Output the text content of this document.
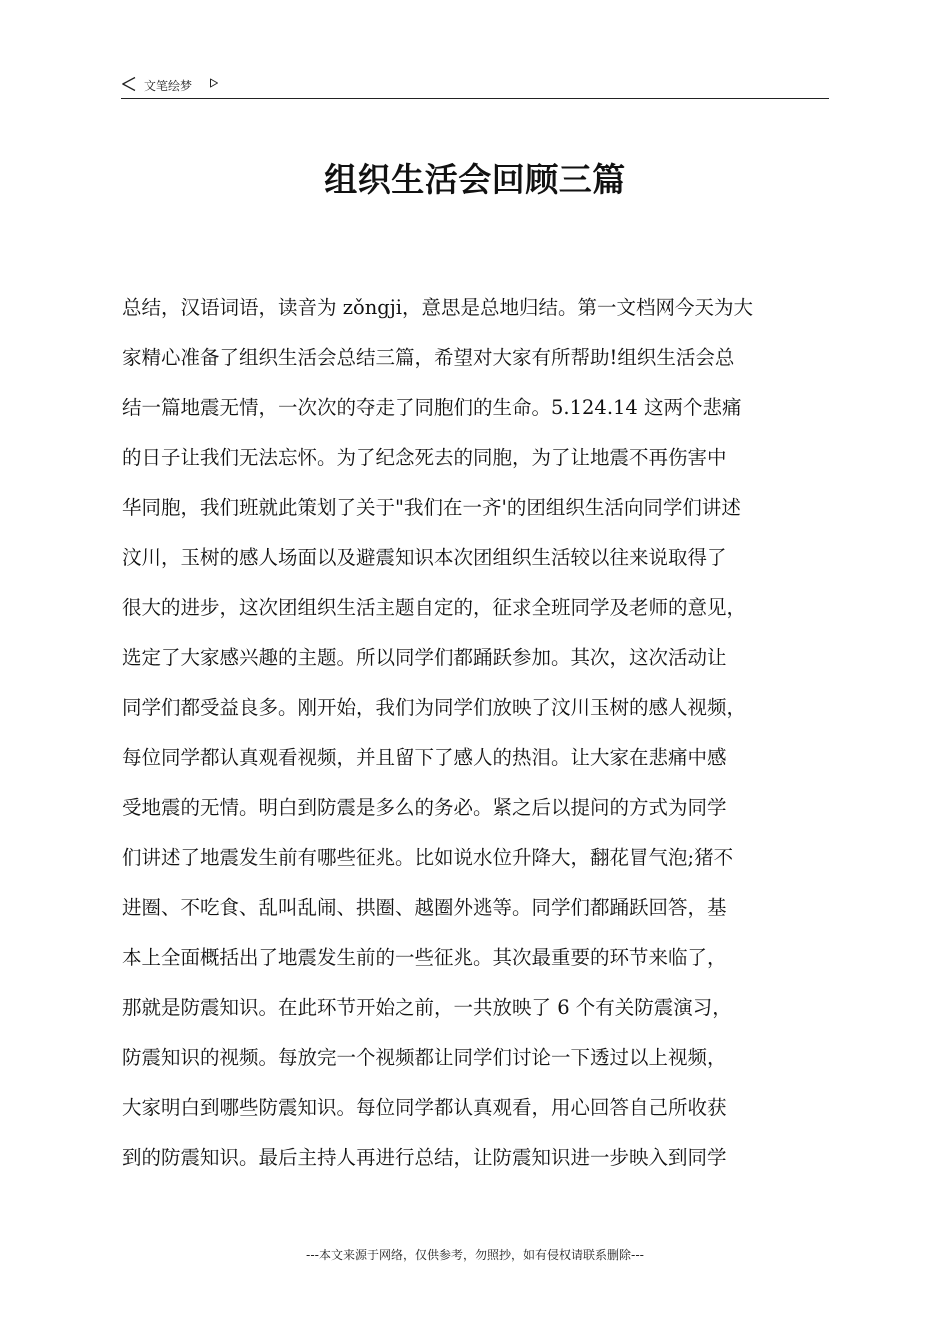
文笔绘梦
组织生活会回顾三篇
总结，汉语词语，读音为 zǒngji，意思是总地归结。第一文档网今天为大
家精心准备了组织生活会总结三篇，希望对大家有所帮助!组织生活会总
结一篇地震无情，一次次的夺走了同胞们的生命。5.124.14 这两个悲痛
的日子让我们无法忘怀。为了纪念死去的同胞，为了让地震不再伤害中
华同胞，我们班就此策划了关于"我们在一齐'的团组织生活向同学们讲述
汶川，玉树的感人场面以及避震知识本次团组织生活较以往来说取得了
很大的进步，这次团组织生活主题自定的，征求全班同学及老师的意见，
选定了大家感兴趣的主题。所以同学们都踊跃参加。其次，这次活动让
同学们都受益良多。刚开始，我们为同学们放映了汶川玉树的感人视频，
每位同学都认真观看视频，并且留下了感人的热泪。让大家在悲痛中感
受地震的无情。明白到防震是多么的务必。紧之后以提问的方式为同学
们讲述了地震发生前有哪些征兆。比如说水位升降大，翻花冒气泡;猪不
进圈、不吃食、乱叫乱闹、拱圈、越圈外逃等。同学们都踊跃回答，基
本上全面概括出了地震发生前的一些征兆。其次最重要的环节来临了，
那就是防震知识。在此环节开始之前，一共放映了 6 个有关防震演习，
防震知识的视频。每放完一个视频都让同学们讨论一下透过以上视频，
大家明白到哪些防震知识。每位同学都认真观看，用心回答自己所收获
到的防震知识。最后主持人再进行总结，让防震知识进一步映入到同学
---本文来源于网络，仅供参考，勿照抄，如有侵权请联系删除---
